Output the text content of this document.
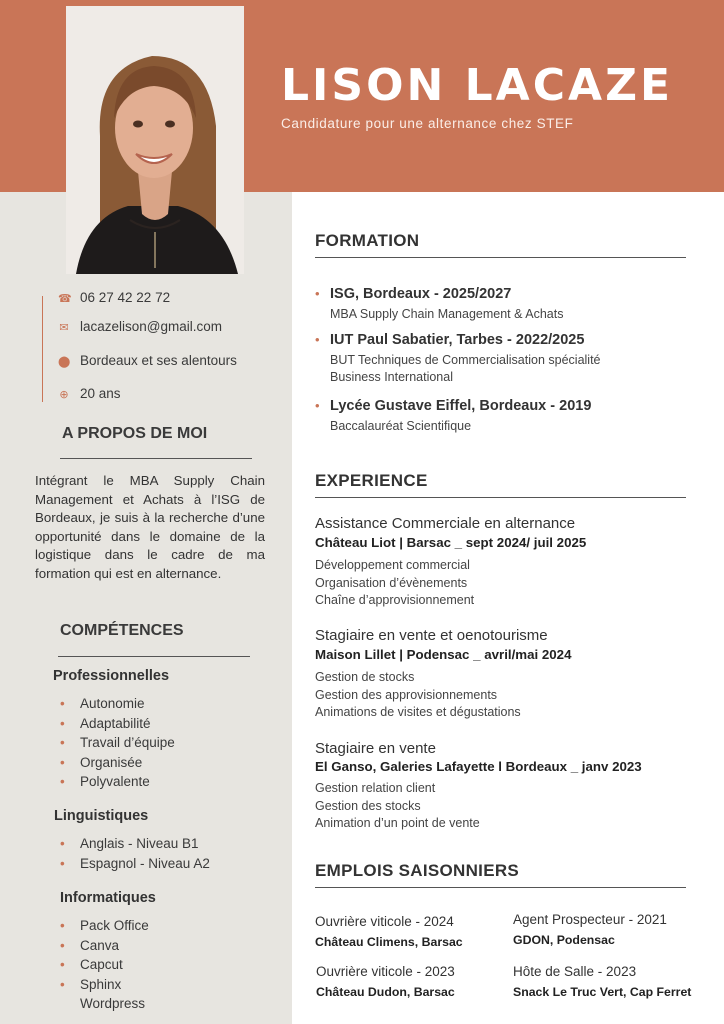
LISON LACAZE
Candidature pour une alternance chez STEF
☎ 06 27 42 22 72
✉ lacazelison@gmail.com
⬤ Bordeaux et ses alentours
⊕ 20 ans
A PROPOS DE MOI
Intégrant le MBA Supply Chain Management et Achats à l’ISG de Bordeaux, je suis à la recherche d’une opportunité dans le domaine de la logistique dans le cadre de ma formation qui est en alternance.
COMPÉTENCES
Professionnelles
• Autonomie
• Adaptabilité
• Travail d’équipe
• Organisée
• Polyvalente
Linguistiques
• Anglais - Niveau B1
• Espagnol - Niveau A2
Informatiques
• Pack Office
• Canva
• Capcut
• Sphinx
Wordpress
FORMATION
• ISG, Bordeaux - 2025/2027
MBA Supply Chain Management & Achats
• IUT Paul Sabatier, Tarbes - 2022/2025
BUT Techniques de Commercialisation spécialité
Business International
• Lycée Gustave Eiffel, Bordeaux - 2019
Baccalauréat Scientifique
EXPERIENCE
Assistance Commerciale en alternance
Château Liot | Barsac _ sept 2024/ juil 2025
Développement commercial
Organisation d’évènements
Chaîne d’approvisionnement
Stagiaire en vente et oenotourisme
Maison Lillet | Podensac _ avril/mai 2024
Gestion de stocks
Gestion des approvisionnements
Animations de visites et dégustations
Stagiaire en vente
El Ganso, Galeries Lafayette l Bordeaux _ janv 2023
Gestion relation client
Gestion des stocks
Animation d’un point de vente
EMPLOIS SAISONNIERS
Ouvrière viticole - 2024
Château Climens, Barsac
Agent Prospecteur - 2021
GDON, Podensac
Ouvrière viticole - 2023
Château Dudon, Barsac
Hôte de Salle - 2023
Snack Le Truc Vert, Cap Ferret
